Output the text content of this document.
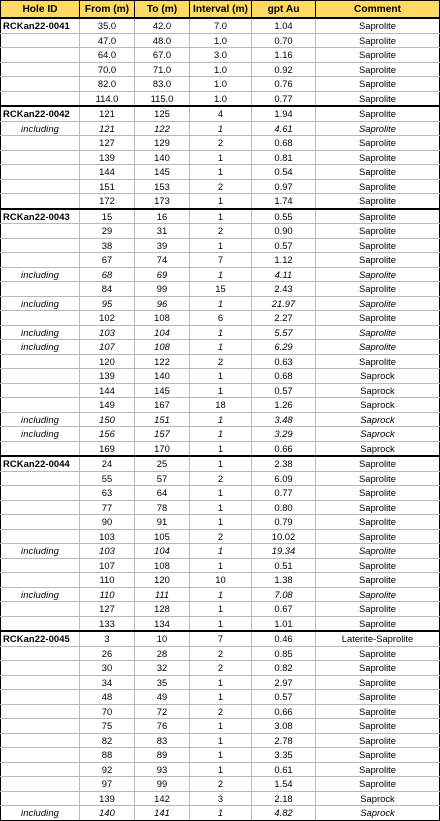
Hole ID	From (m)	To (m)	Interval (m)	gpt Au	Comment
RCKan22-0041	35.0	42.0	7.0	1.04	Saprolite
	47.0	48.0	1.0	0.70	Saprolite
	64.0	67.0	3.0	1.16	Saprolite
	70.0	71.0	1.0	0.92	Saprolite
	82.0	83.0	1.0	0.76	Saprolite
	114.0	115.0	1.0	0.77	Saprolite
RCKan22-0042	121	125	4	1.94	Saprolite
including	121	122	1	4.61	Saprolite
	127	129	2	0.68	Saprolite
	139	140	1	0.81	Saprolite
	144	145	1	0.54	Saprolite
	151	153	2	0.97	Saprolite
	172	173	1	1.74	Saprolite
RCKan22-0043	15	16	1	0.55	Saprolite
	29	31	2	0.90	Saprolite
	38	39	1	0.57	Saprolite
	67	74	7	1.12	Saprolite
including	68	69	1	4.11	Saprolite
	84	99	15	2.43	Saprolite
including	95	96	1	21.97	Saprolite
	102	108	6	2.27	Saprolite
including	103	104	1	5.57	Saprolite
including	107	108	1	6.29	Saprolite
	120	122	2	0.63	Saprolite
	139	140	1	0.68	Saprock
	144	145	1	0.57	Saprock
	149	167	18	1.26	Saprock
including	150	151	1	3.48	Saprock
including	156	157	1	3.29	Saprock
	169	170	1	0.66	Saprock
RCKan22-0044	24	25	1	2.38	Saprolite
	55	57	2	6.09	Saprolite
	63	64	1	0.77	Saprolite
	77	78	1	0.80	Saprolite
	90	91	1	0.79	Saprolite
	103	105	2	10.02	Saprolite
including	103	104	1	19.34	Saprolite
	107	108	1	0.51	Saprolite
	110	120	10	1.38	Saprolite
including	110	111	1	7.08	Saprolite
	127	128	1	0.67	Saprolite
	133	134	1	1.01	Saprolite
RCKan22-0045	3	10	7	0.46	Laterite-Saprolite
	26	28	2	0.85	Saprolite
	30	32	2	0.82	Saprolite
	34	35	1	2.97	Saprolite
	48	49	1	0.57	Saprolite
	70	72	2	0.66	Saprolite
	75	76	1	3.08	Saprolite
	82	83	1	2.78	Saprolite
	88	89	1	3.35	Saprolite
	92	93	1	0.61	Saprolite
	97	99	2	1.54	Saprolite
	139	142	3	2.18	Saprock
including	140	141	1	4.82	Saprock
